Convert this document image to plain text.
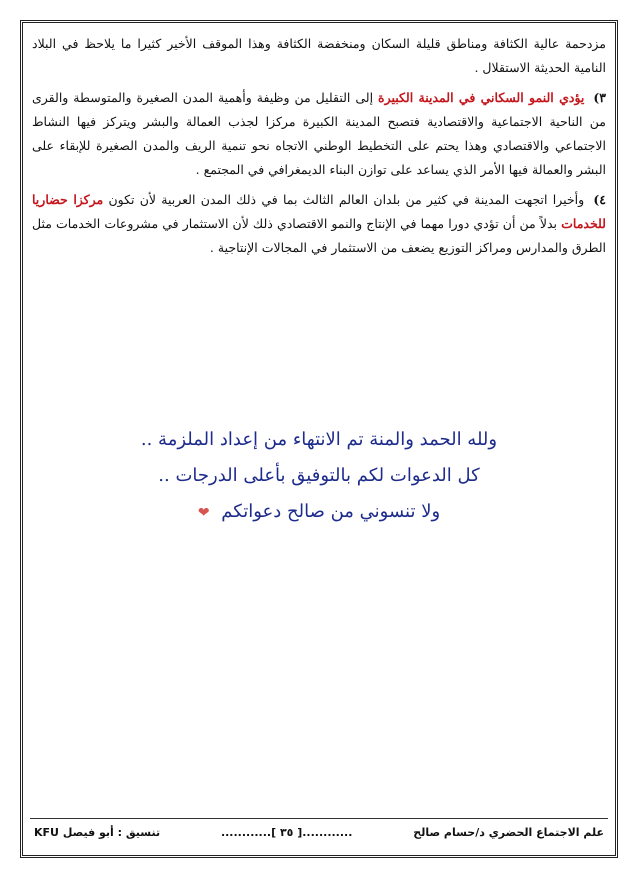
مزدحمة عالية الكثافة ومناطق قليلة السكان ومنخفضة الكثافة وهذا الموقف الأخير كثيرا ما يلاحظ في البلاد النامية الحديثة الاستقلال .

٣) يؤدي النمو السكاني في المدينة الكبيرة إلى التقليل من وظيفة وأهمية المدن الصغيرة والمتوسطة والقرى من الناحية الاجتماعية والاقتصادية فتصبح المدينة الكبيرة مركزا لجذب العمالة والبشر ويتركز فيها النشاط الاجتماعي والاقتصادي وهذا يحتم على التخطيط الوطني الاتجاه نحو تنمية الريف والمدن الصغيرة للإبقاء على البشر والعمالة فيها الأمر الذي يساعد على توازن البناء الديمغرافي في المجتمع .

٤) وأخيرا اتجهت المدينة في كثير من بلدان العالم الثالث بما في ذلك المدن العربية لأن تكون مركزا حضاريا للخدمات بدلاً من أن تؤدي دورا مهما في الإنتاج والنمو الاقتصادي ذلك لأن الاستثمار في مشروعات الخدمات مثل الطرق والمدارس ومراكز التوزيع يضعف من الاستثمار في المجالات الإنتاجية .

ولله الحمد والمنة تم الانتهاء من إعداد الملزمة ..
كل الدعوات لكم بالتوفيق بأعلى الدرجات ..
ولا تنسوني من صالح دعواتكم ❤
علم الاجتماع الحضري د/حسام صالح
............[ ٣٥ ]............
تنسيق : أبو فيصل KFU
